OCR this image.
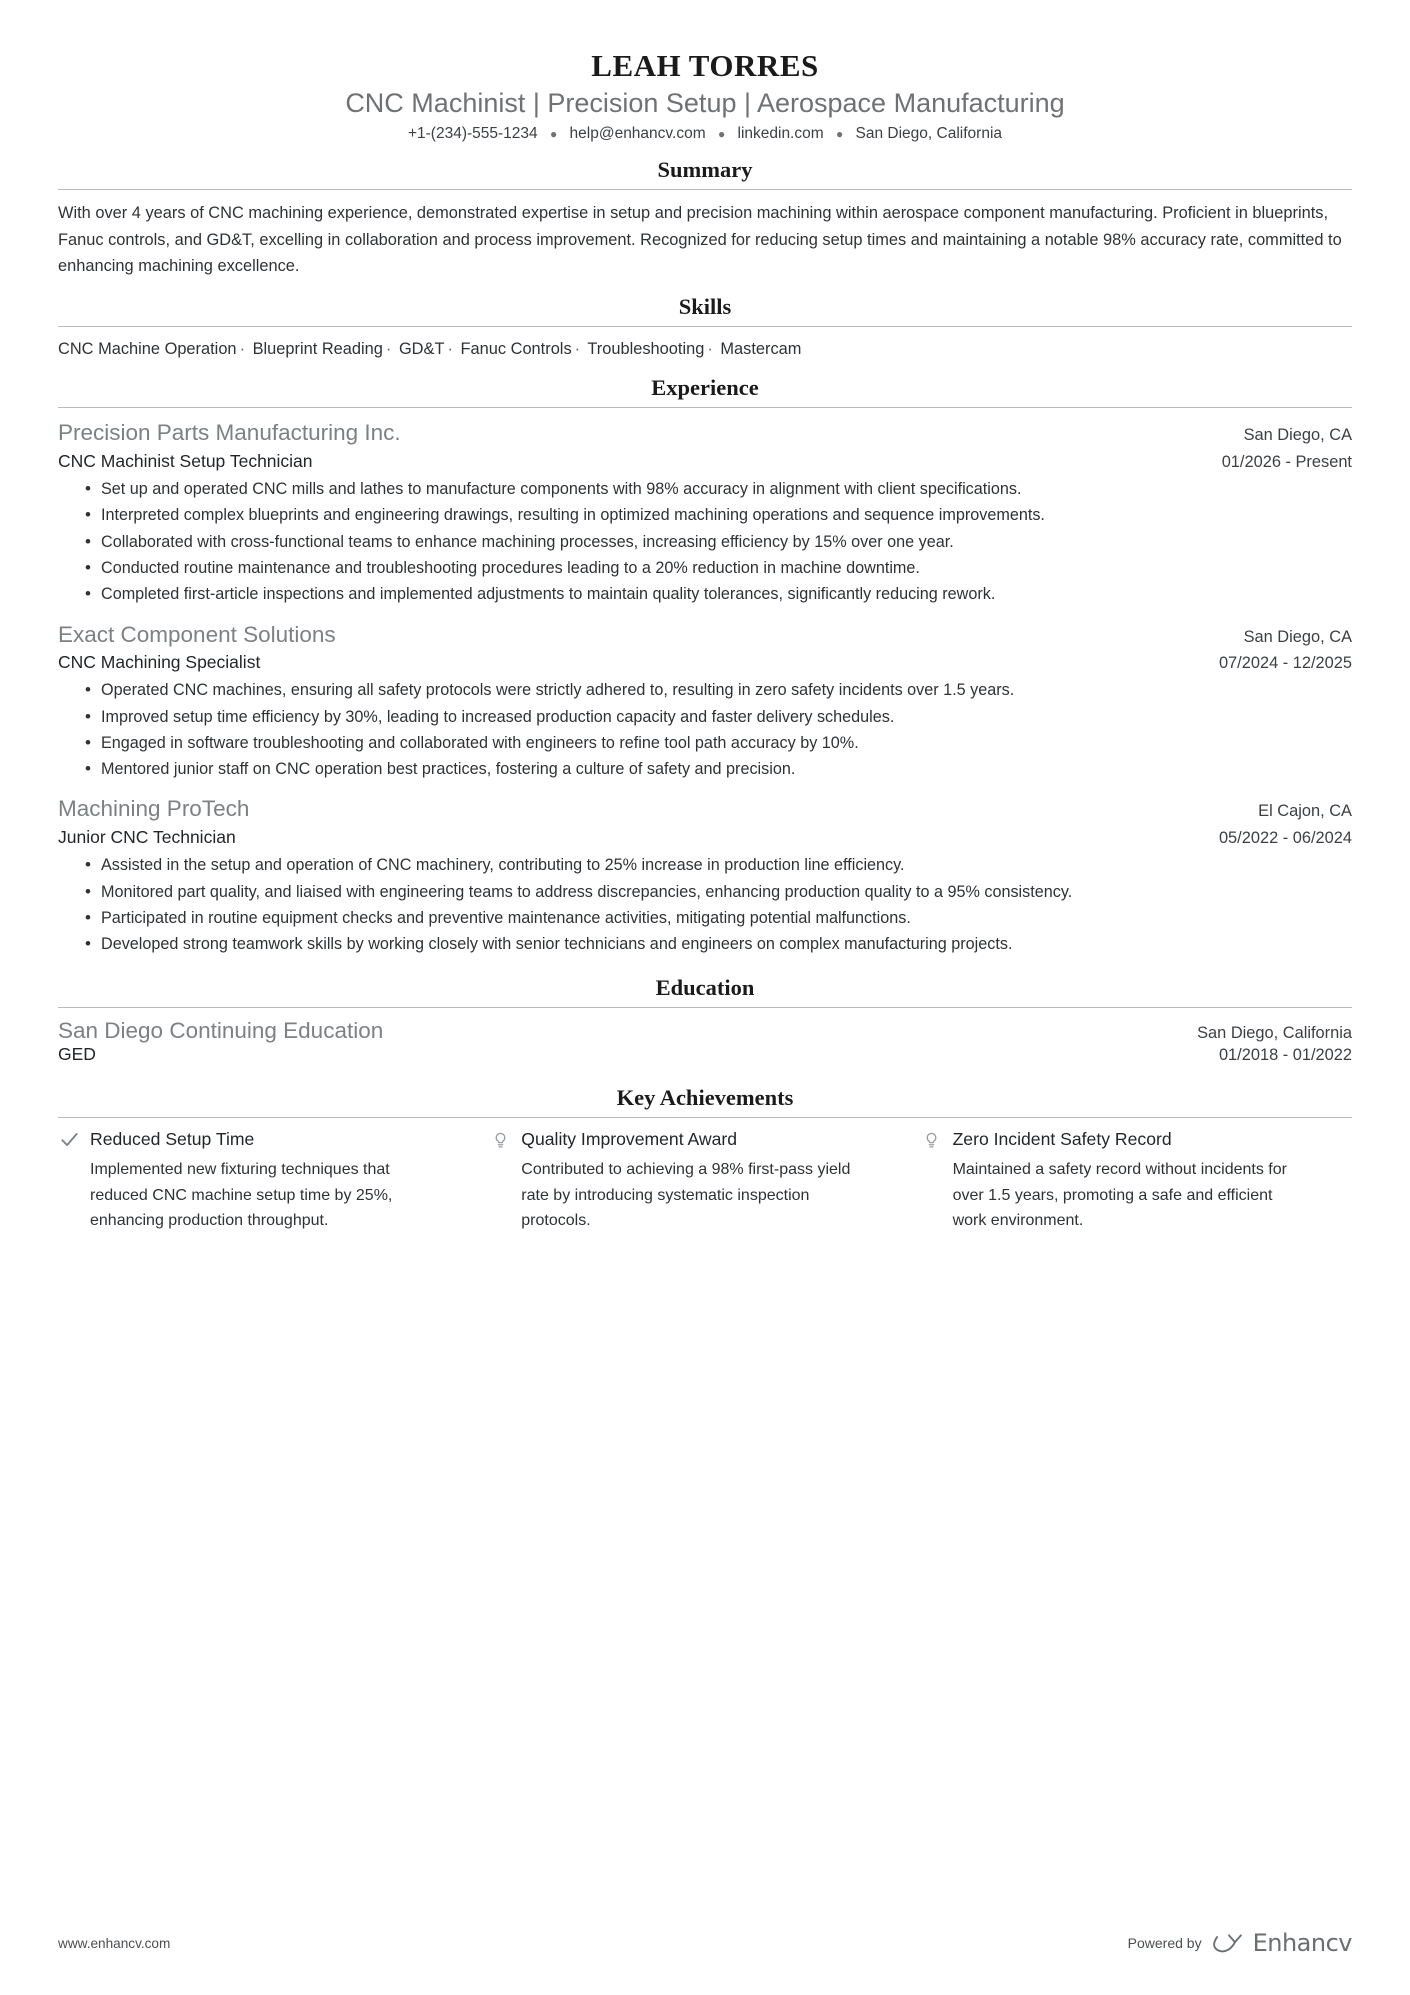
LEAH TORRES
CNC Machinist | Precision Setup | Aerospace Manufacturing
+1-(234)-555-1234 ● help@enhancv.com ● linkedin.com ● San Diego, California
Summary
With over 4 years of CNC machining experience, demonstrated expertise in setup and precision machining within aerospace component manufacturing. Proficient in blueprints, Fanuc controls, and GD&T, excelling in collaboration and process improvement. Recognized for reducing setup times and maintaining a notable 98% accuracy rate, committed to enhancing machining excellence.
Skills
CNC Machine Operation · Blueprint Reading · GD&T · Fanuc Controls · Troubleshooting · Mastercam
Experience
Precision Parts Manufacturing Inc.	San Diego, CA
CNC Machinist Setup Technician	01/2026 - Present
• Set up and operated CNC mills and lathes to manufacture components with 98% accuracy in alignment with client specifications.
• Interpreted complex blueprints and engineering drawings, resulting in optimized machining operations and sequence improvements.
• Collaborated with cross-functional teams to enhance machining processes, increasing efficiency by 15% over one year.
• Conducted routine maintenance and troubleshooting procedures leading to a 20% reduction in machine downtime.
• Completed first-article inspections and implemented adjustments to maintain quality tolerances, significantly reducing rework.
Exact Component Solutions	San Diego, CA
CNC Machining Specialist	07/2024 - 12/2025
• Operated CNC machines, ensuring all safety protocols were strictly adhered to, resulting in zero safety incidents over 1.5 years.
• Improved setup time efficiency by 30%, leading to increased production capacity and faster delivery schedules.
• Engaged in software troubleshooting and collaborated with engineers to refine tool path accuracy by 10%.
• Mentored junior staff on CNC operation best practices, fostering a culture of safety and precision.
Machining ProTech	El Cajon, CA
Junior CNC Technician	05/2022 - 06/2024
• Assisted in the setup and operation of CNC machinery, contributing to 25% increase in production line efficiency.
• Monitored part quality, and liaised with engineering teams to address discrepancies, enhancing production quality to a 95% consistency.
• Participated in routine equipment checks and preventive maintenance activities, mitigating potential malfunctions.
• Developed strong teamwork skills by working closely with senior technicians and engineers on complex manufacturing projects.
Education
San Diego Continuing Education	San Diego, California
GED	01/2018 - 01/2022
Key Achievements
Reduced Setup Time
Implemented new fixturing techniques that reduced CNC machine setup time by 25%, enhancing production throughput.
Quality Improvement Award
Contributed to achieving a 98% first-pass yield rate by introducing systematic inspection protocols.
Zero Incident Safety Record
Maintained a safety record without incidents for over 1.5 years, promoting a safe and efficient work environment.
www.enhancv.com	Powered by Enhancv
